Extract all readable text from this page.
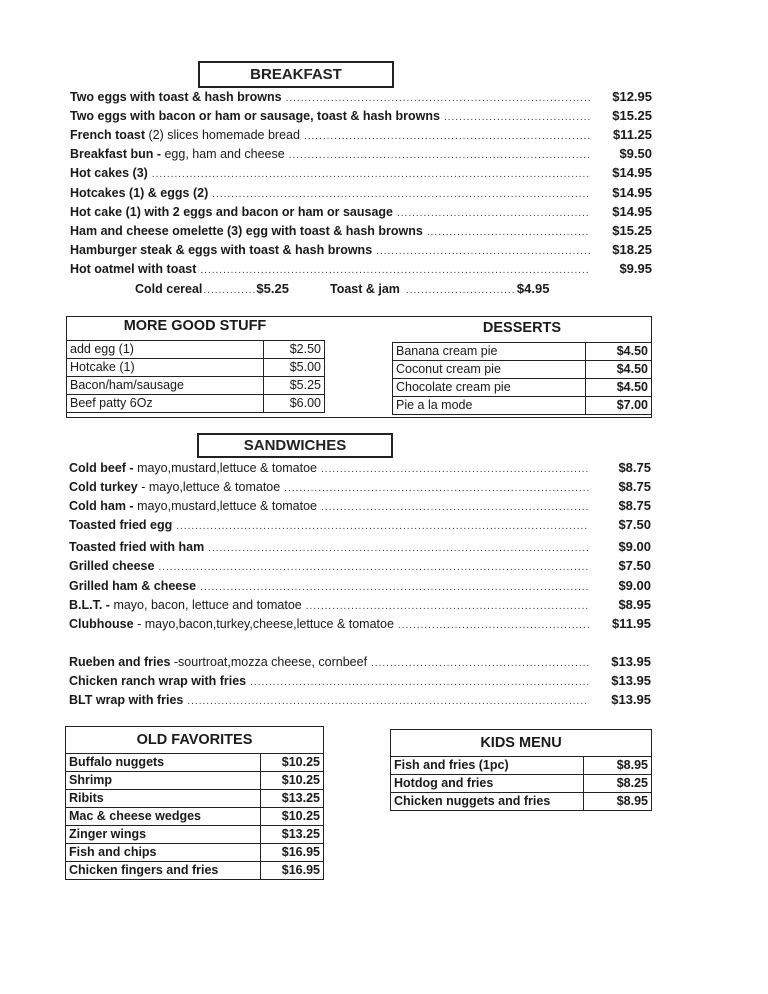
BREAKFAST
Two eggs with toast & hash browns .....	$12.95
Two eggs with bacon or ham or sausage, toast & hash browns .....	$15.25
French toast (2) slices homemade bread .....	$11.25
Breakfast bun - egg, ham and cheese .....	$9.50
Hot cakes (3) .....	$14.95
Hotcakes (1) & eggs (2) .....	$14.95
Hot cake (1) with 2 eggs and bacon or ham or sausage .....	$14.95
Ham and cheese omelette (3) egg with toast & hash browns .....	$15.25
Hamburger steak & eggs with toast & hash browns .....	$18.25
Hot oatmel with toast .....	$9.95
Cold cereal .....	$5.25	Toast & jam .....	$4.95
MORE GOOD STUFF
add egg (1)	$2.50
Hotcake (1)	$5.00
Bacon/ham/sausage	$5.25
Beef patty 6Oz	$6.00
DESSERTS
Banana cream pie	$4.50
Coconut cream pie	$4.50
Chocolate cream pie	$4.50
Pie a la mode	$7.00
SANDWICHES
Cold beef - mayo,mustard,lettuce & tomatoe .....	$8.75
Cold turkey - mayo,lettuce & tomatoe .....	$8.75
Cold ham - mayo,mustard,lettuce & tomatoe .....	$8.75
Toasted fried egg .....	$7.50
Toasted fried with ham .....	$9.00
Grilled cheese .....	$7.50
Grilled ham & cheese .....	$9.00
B.L.T. - mayo, bacon, lettuce and tomatoe .....	$8.95
Clubhouse - mayo,bacon,turkey,cheese,lettuce & tomatoe .....	$11.95
Rueben and fries -sourtroat,mozza cheese, cornbeef .....	$13.95
Chicken ranch wrap with fries .....	$13.95
BLT wrap with fries .....	$13.95
OLD FAVORITES	
Buffalo nuggets	$10.25
Shrimp	$10.25
Ribits	$13.25
Mac & cheese wedges	$10.25
Zinger wings	$13.25
Fish and chips	$16.95
Chicken fingers and fries	$16.95
KIDS MENU	
Fish and fries (1pc)	$8.95
Hotdog and fries	$8.25
Chicken nuggets and fries	$8.95
